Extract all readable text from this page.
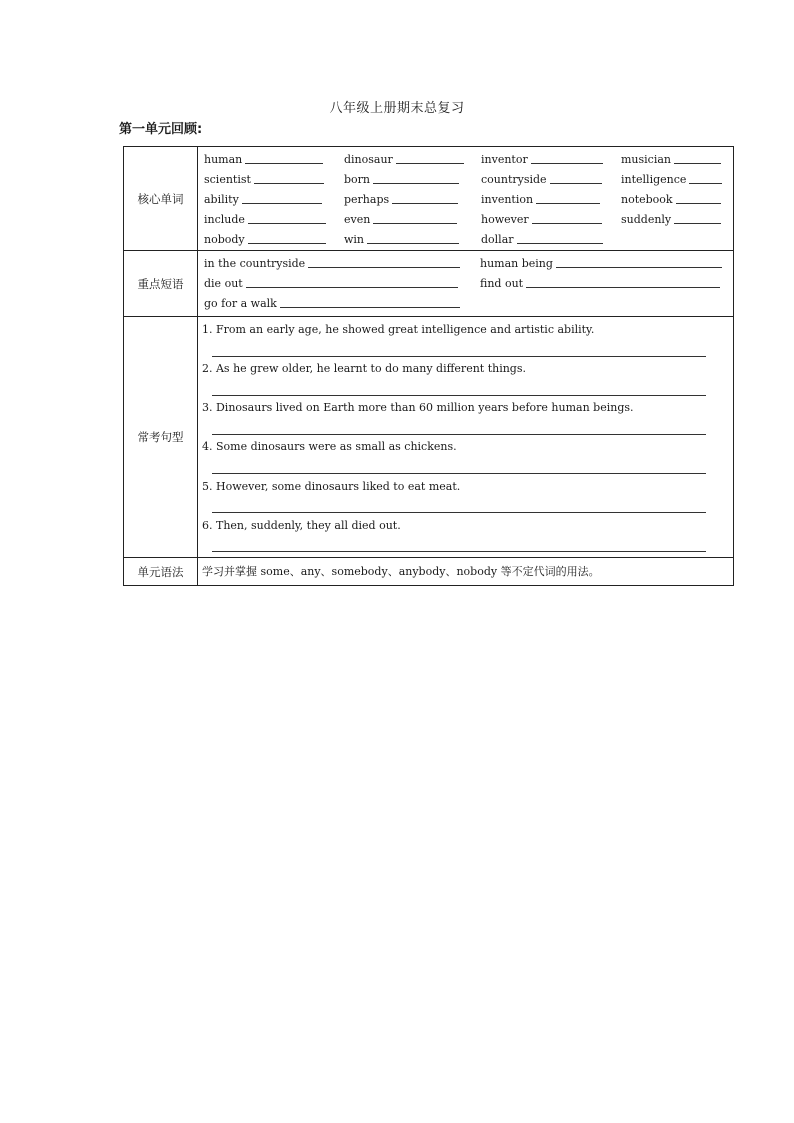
八年级上册期末总复习
第一单元回顾:
核心单词
human	dinosaur	inventor	musician
scientist	born	countryside	intelligence
ability	perhaps	invention	notebook
include	even	however	suddenly
nobody	win	dollar
重点短语
in the countryside	human being
die out	find out
go for a walk
常考句型
1. From an early age, he showed great intelligence and artistic ability.
2. As he grew older, he learnt to do many different things.
3. Dinosaurs lived on Earth more than 60 million years before human beings.
4. Some dinosaurs were as small as chickens.
5. However, some dinosaurs liked to eat meat.
6. Then, suddenly, they all died out.
单元语法	学习并掌握 some、any、somebody、anybody、nobody 等不定代词的用法。
